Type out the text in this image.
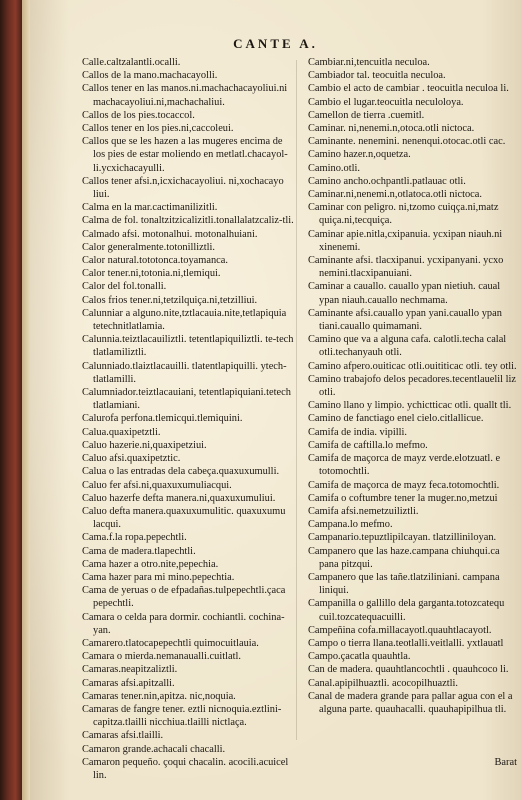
CANTE A.

Calle.caltzalantli.ocalli.

Callos de la mano.machacayolli.

Callos tener en las manos.ni.machachacayoliui.ni machacayoliui.ni,machachaliui.

Callos de los pies.tocaccol.

Callos tener en los pies.ni,caccoleui.

Callos que se les hazen a las mugeres encima de los pies de estar moliendo en metlatl.chacayol-li.ycxichacayulli.

Callos tener afsi.n,icxichacayoliui. ni,xochacayo liui.

Calma en la mar.cactimanilizitli.

Calma de fol. tonaltzitzicalizitli.tonallalatzcaliz-tli.

Calmado afsi. motonalhui. motonalhuiani.

Calor generalmente.totonilliztli.

Calor natural.tototonca.toyamanca.

Calor tener.ni,totonia.ni,tlemiqui.

Calor del fol.tonalli.

Calos frios tener.ni,tetzilquiça.ni,tetzilliui.

Calunniar a alguno.nite,tztlacauia.nite,tetlapiquia tetechnitlatlamia.

Calunnia.teiztlacauiliztli. tetentlapiquiliztli. te-tech tlatlamiliztli.

Calunniado.tlaiztlacauilli. tlatentlapiquilli. ytech-tlatlamilli.

Calumniador.teiztlacauiani, tetentlapiquiani.tetech tlatlamiani.

Calurofa perfona.tlemicqui.tlemiquini.

Calua.quaxipetztli.

Caluo hazerie.ni,quaxipetziui.

Caluo afsi.quaxipetztic.

Calua o las entradas dela cabeça.quaxuxumulli.

Caluo fer afsi.ni,quaxuxumuliacqui.

Caluo hazerfe defta manera.ni,quaxuxumuliui.

Caluo defta manera.quaxuxumulitic. quaxuxumu lacqui.

Cama.f.la ropa.pepechtli.

Cama de madera.tlapechtli.

Cama hazer a otro.nite,pepechia.

Cama hazer para mi mino.pepechtia.

Cama de yeruas o de efpadañas.tulpepechtli.çaca pepechtli.

Camara o celda para dormir. cochiantli. cochina-yan.

Camarero.tlatocapepechtli quimocuitlauia.

Camara o mierda.nemanaualli.cuitlatl.

Camaras.neapitzaliztli.

Camaras afsi.apitzalli.

Camaras tener.nin,apitza. nic,noquia.

Camaras de fangre tener. eztli nicnoquia.eztlini-capitza.tlailli nicchiua.tlailli nictlaça.

Camaras afsi.tlailli.

Camaron grande.achacali chacalli.

Camaron pequeño. çoqui chacalin. acocili.acuicel lin.

Cambiar.ni,tencuitla neculoa.

Cambiador tal. teocuitla neculoa.

Cambio el acto de cambiar . teocuitla neculoa li.

Cambio el lugar.teocuitla neculoloya.

Camellon de tierra .cuemitl.

Caminar. ni,nenemi.n,otoca.otli nictoca.

Caminante. nenemini. nenenqui.otocac.otli cac.

Camino hazer.n,oquetza.

Camino.otli.

Camino ancho.ochpantli.patlauac otli.

Caminar.ni,nenemi.n,otlatoca.otli nictoca.

Caminar con peligro. ni,tzomo cuiqça.ni,matz quiça.ni,tecquiça.

Caminar apie.nitla,cxipanuia. ycxipan niauh.ni xinenemi.

Caminante afsi. tlacxipanui. ycxipanyani. ycxo nemini.tlacxipanuiani.

Caminar a cauallo. cauallo ypan nietiuh. caual ypan niauh.cauallo nechmama.

Caminante afsi.cauallo ypan yani.cauallo ypan tiani.cauallo quimamani.

Camino que va a alguna cafa. calotli.techa calal otli.techanyauh otli.

Camino afpero.ouiticac otli.ouititicac otli. tey otli.

Camino trabajofo delos pecadores.tecentlauelil liz otli.

Camino llano y limpio. ychictticac otli. quallt tli.

Camino de fanctiago enel cielo.citlallicue.

Camifa de india. vipilli.

Camifa de caftilla.lo mefmo.

Camifa de maçorca de mayz verde.elotzuatl. e totomochtli.

Camifa de maçorca de mayz feca.totomochtli.

Camifa o coftumbre tener la muger.no,metzui

Camifa afsi.nemetzuiliztli.

Campana.lo mefmo.

Campanario.tepuztlipilcayan. tlatzilliniloyan.

Campanero que las haze.campana chiuhqui.ca pana pitzqui.

Campanero que las tañe.tlatziliniani. campana liniqui.

Campanilla o gallillo dela garganta.totozcatequ cuil.tozcatequacuilli.

Campeñina cofa.millacayotl.quauhtlacayotl.

Campo o tierra llana.teotlalli.veitlalli. yxtlauatl

Campo.çacatla quauhtla.

Can de madera. quauhtlancochtli . quauhcoco li.

Canal.apipilhuaztli. acocopilhuaztli.

Canal de madera grande para pallar agua con el a alguna parte. quauhacalli. quauhapipilhua tli.

Barat
